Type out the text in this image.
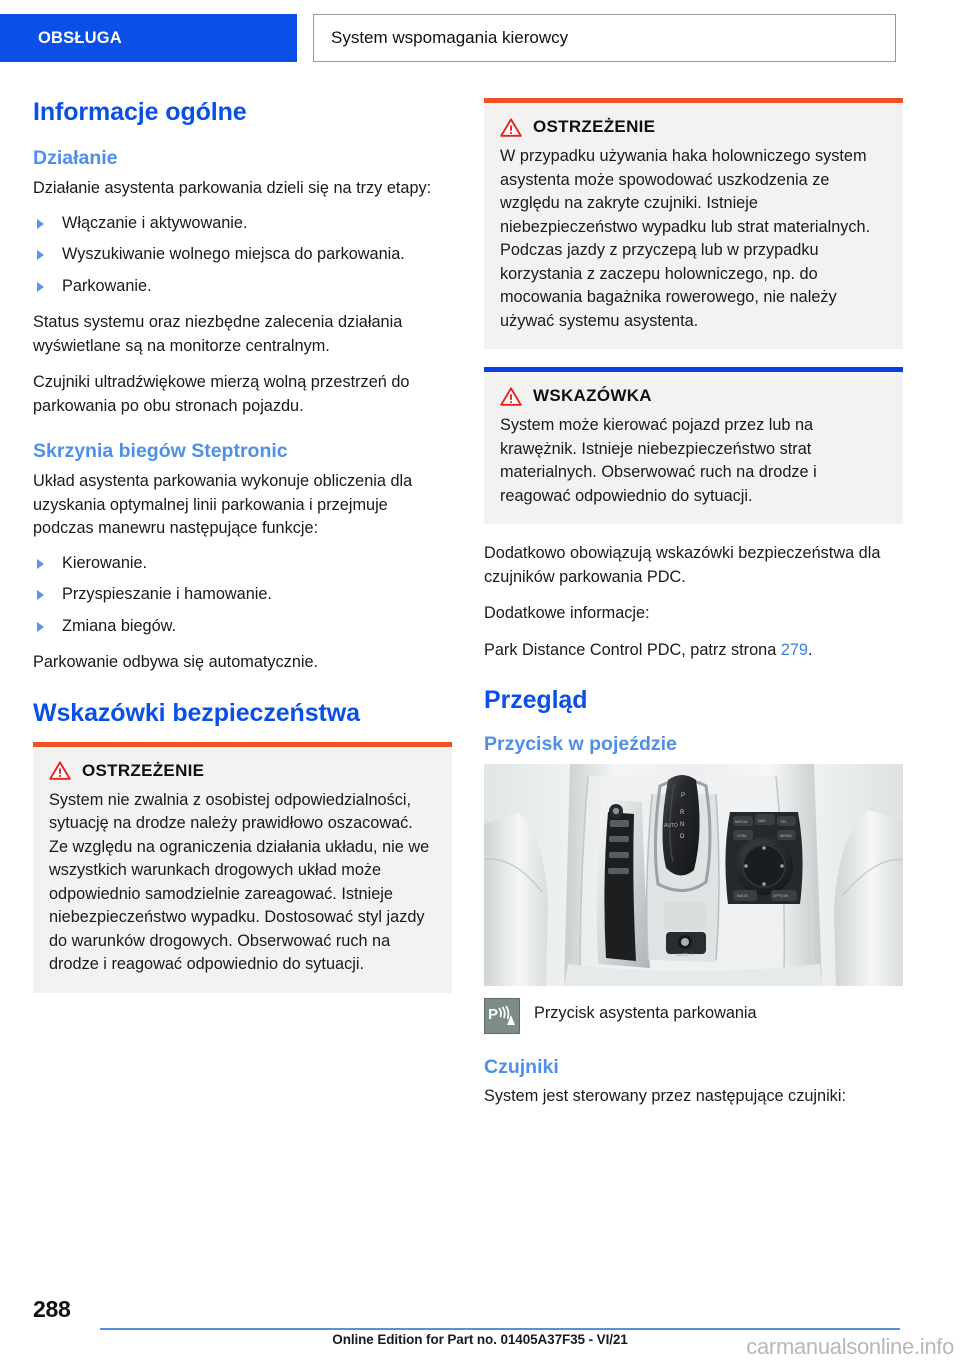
OBSŁUGA	System wspomagania kierowcy
Informacje ogólne
Działanie

Działanie asystenta parkowania dzieli się na trzy etapy:

Włączanie i aktywowanie.
Wyszukiwanie wolnego miejsca do parkowania.
Parkowanie.

Status systemu oraz niezbędne zalecenia działania wyświetlane są na monitorze centralnym.

Czujniki ultradźwiękowe mierzą wolną przestrzeń do parkowania po obu stronach pojazdu.

Skrzynia biegów Steptronic

Układ asystenta parkowania wykonuje obliczenia dla uzyskania optymalnej linii parkowania i przejmuje podczas manewru następujące funkcje:

Kierowanie.
Przyspieszanie i hamowanie.
Zmiana biegów.

Parkowanie odbywa się automatycznie.

Wskazówki bezpieczeństwa
OSTRZEŻENIE

System nie zwalnia z osobistej odpowiedzialności, sytuację na drodze należy prawidłowo oszacować. Ze względu na ograniczenia działania układu, nie we wszystkich warunkach drogowych układ może odpowiednio samodzielnie zareagować. Istnieje niebezpieczeństwo wypadku. Dostosować styl jazdy do warunków drogowych. Obserwować ruch na drodze i reagować odpowiednio do sytuacji.

OSTRZEŻENIE

W przypadku używania haka holowniczego system asystenta może spowodować uszkodzenia ze względu na zakryte czujniki. Istnieje niebezpieczeństwo wypadku lub strat materialnych. Podczas jazdy z przyczepą lub w przypadku korzystania z zaczepu holowniczego, np. do mocowania bagażnika rowerowego, nie należy używać systemu asystenta.

WSKAZÓWKA

System może kierować pojazd przez lub na krawężnik. Istnieje niebezpieczeństwo strat materialnych. Obserwować ruch na drodze i reagować odpowiednio do sytuacji.

Dodatkowo obowiązują wskazówki bezpieczeństwa dla czujników parkowania PDC.

Dodatkowe informacje:

Park Distance Control PDC, patrz strona 279.

Przegląd
Przycisk w pojeździe
P
R
N
D
AUTO
AUTO H
MEDIA	NAV	TEL
COM	MENU
BACK	OPTION
P Przycisk asystenta parkowania
Czujniki

System jest sterowany przez następujące czujniki:

288
Online Edition for Part no. 01405A37F35 - VI/21	carmanualsonline.info
